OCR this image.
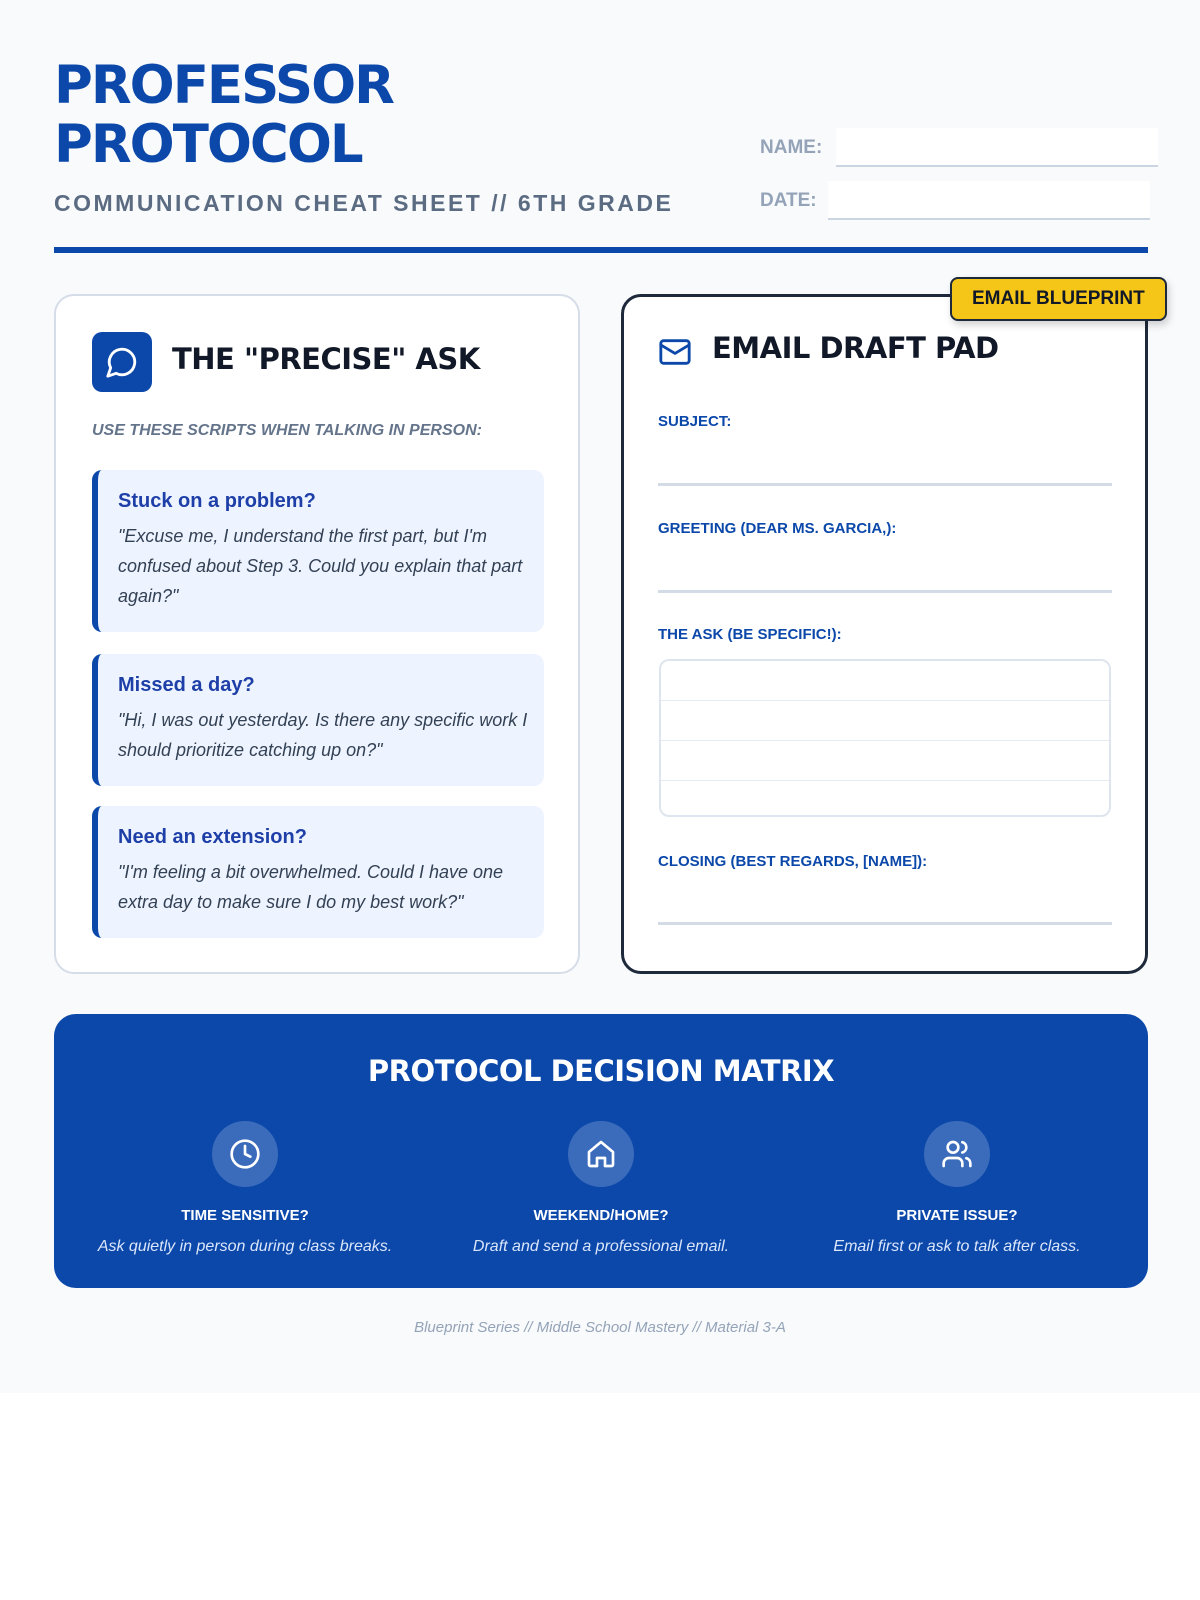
PROFESSOR
PROTOCOL
COMMUNICATION CHEAT SHEET // 6TH GRADE
NAME:
DATE:
THE "PRECISE" ASK
USE THESE SCRIPTS WHEN TALKING IN PERSON:
Stuck on a problem?
"Excuse me, I understand the first part, but I'm confused about Step 3. Could you explain that part again?"
Missed a day?
"Hi, I was out yesterday. Is there any specific work I should prioritize catching up on?"
Need an extension?
"I'm feeling a bit overwhelmed. Could I have one extra day to make sure I do my best work?"
EMAIL DRAFT PAD
SUBJECT:
GREETING (DEAR MS. GARCIA,):
THE ASK (BE SPECIFIC!):
CLOSING (BEST REGARDS, [NAME]):
EMAIL BLUEPRINT
PROTOCOL DECISION MATRIX
TIME SENSITIVE?
Ask quietly in person during class breaks.
WEEKEND/HOME?
Draft and send a professional email.
PRIVATE ISSUE?
Email first or ask to talk after class.
Blueprint Series // Middle School Mastery // Material 3-A
